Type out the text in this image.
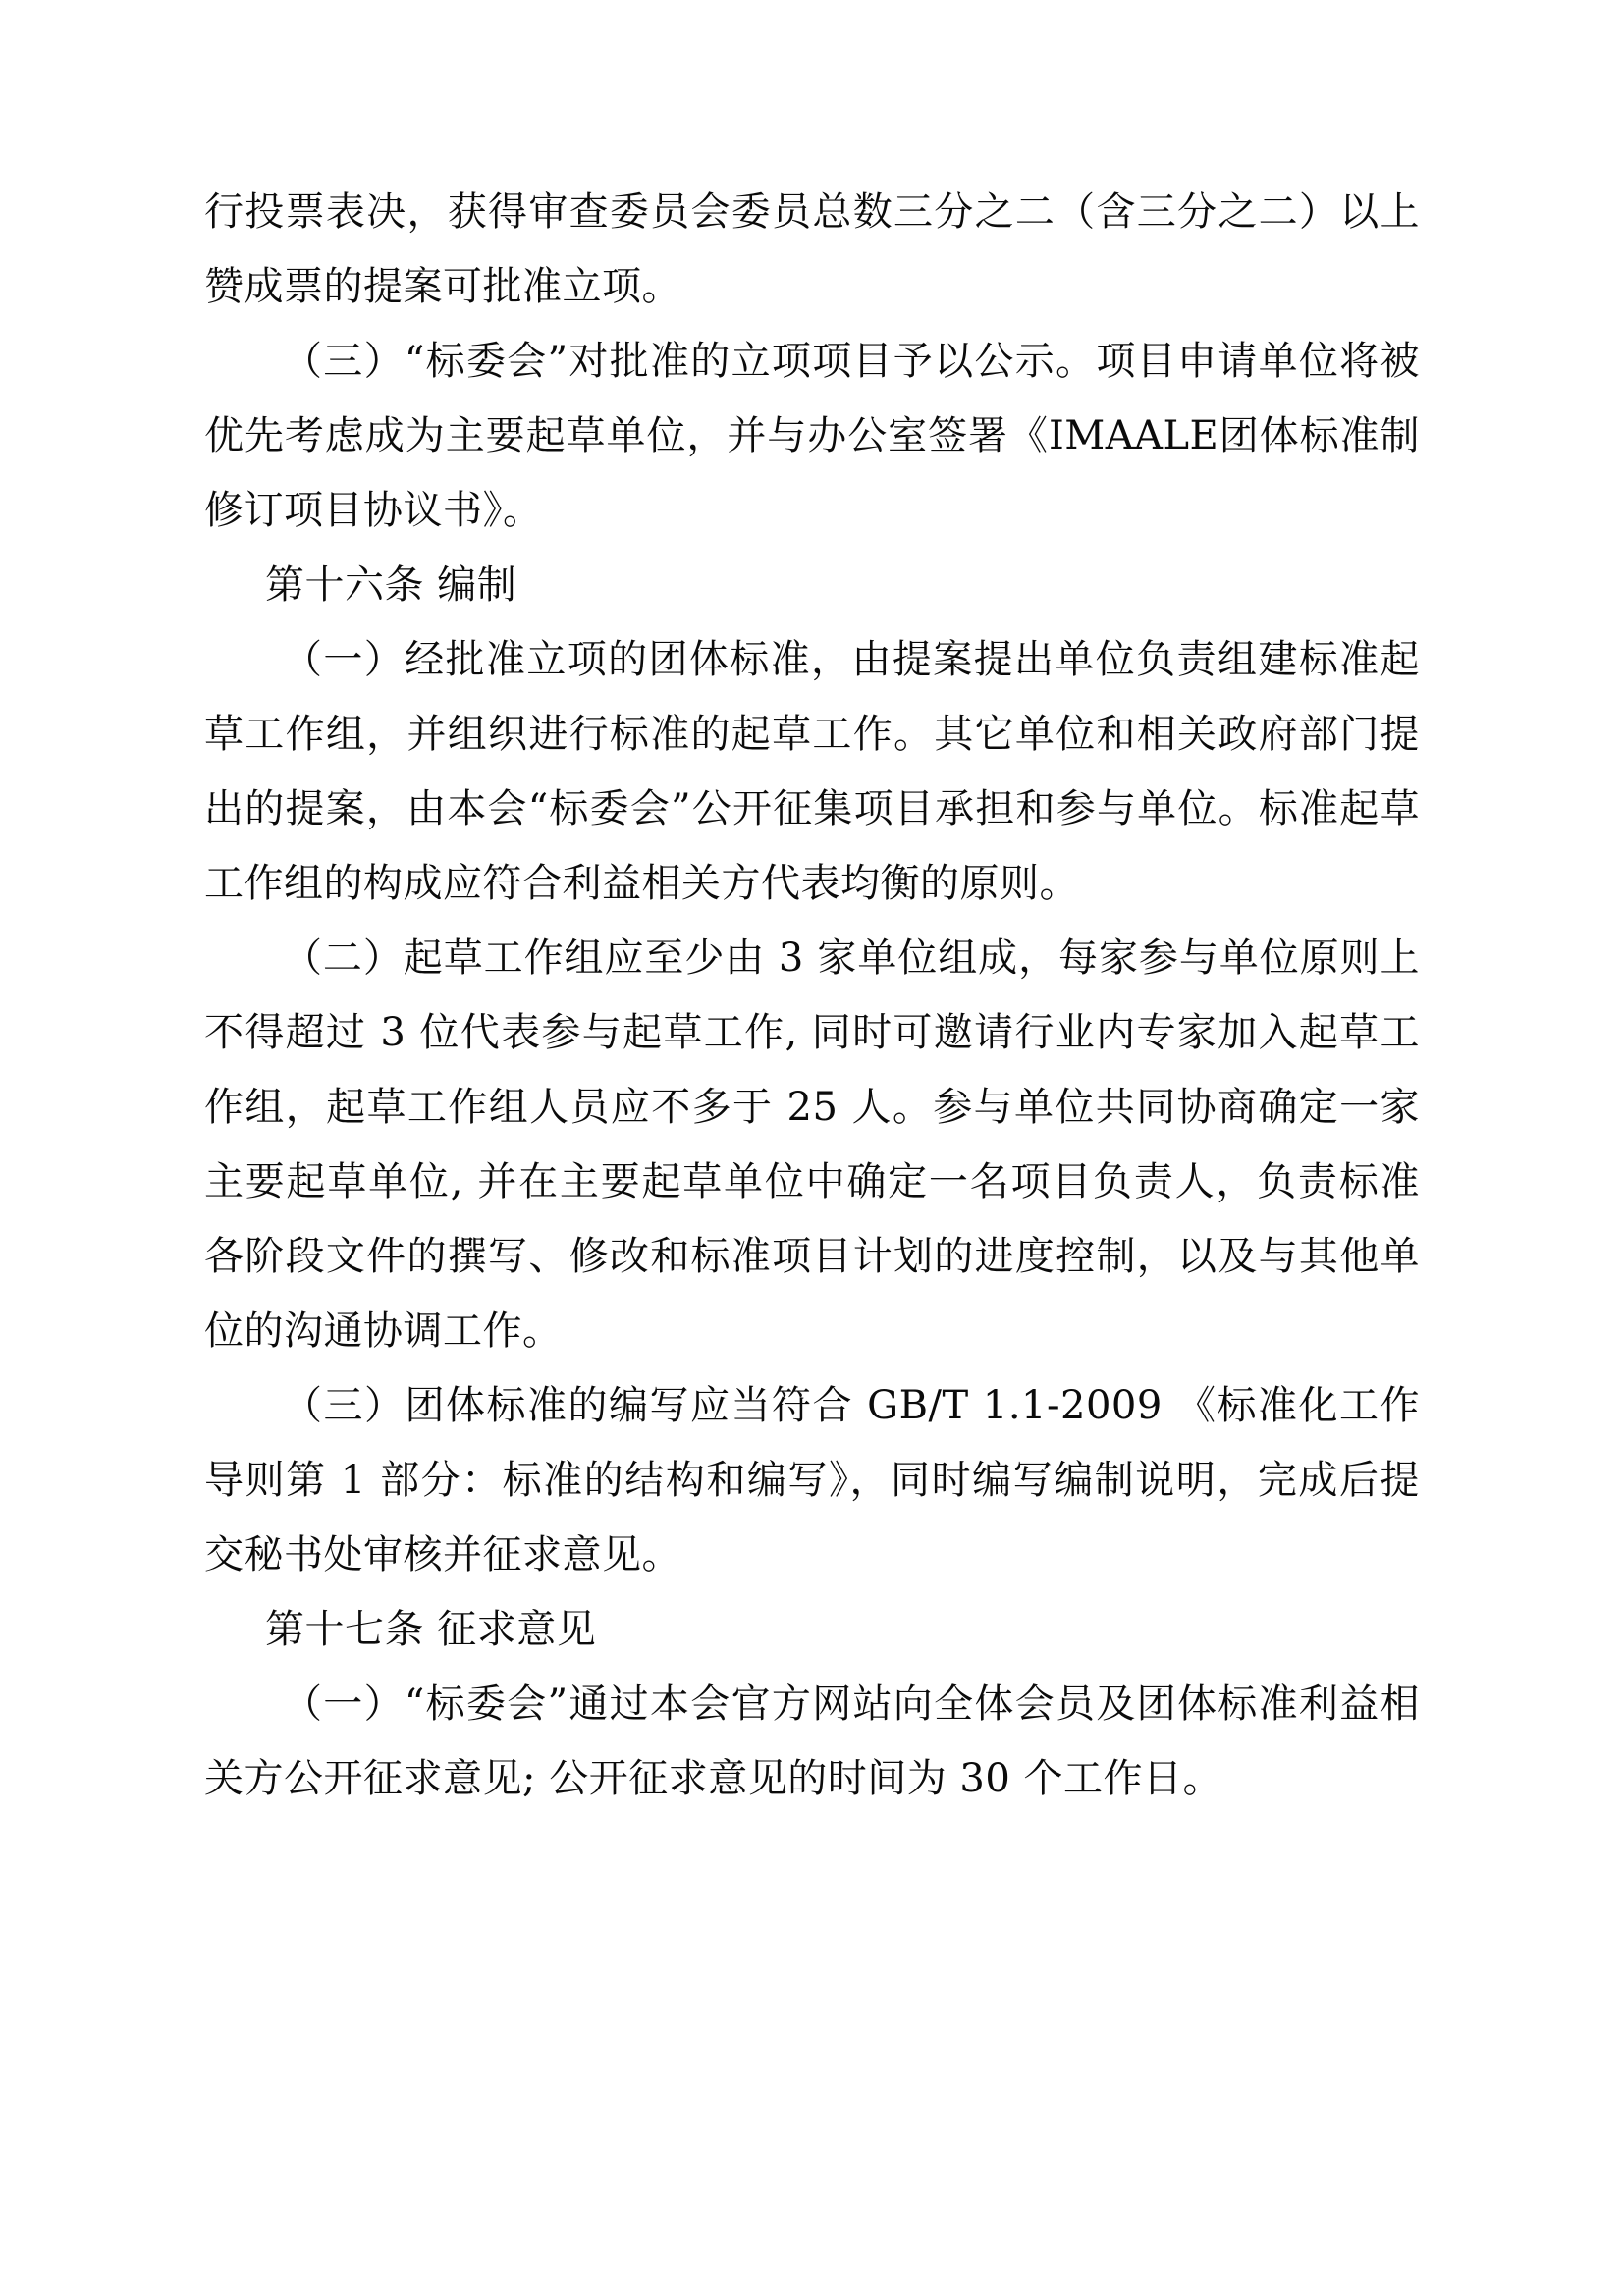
行投票表决，获得审查委员会委员总数三分之二（含三分之二）以上赞成票的提案可批准立项。

（三）“标委会”对批准的立项项目予以公示。项目申请单位将被优先考虑成为主要起草单位，并与办公室签署《IMAALE团体标准制修订项目协议书》。

第十六条 编制

（一）经批准立项的团体标准，由提案提出单位负责组建标准起草工作组，并组织进行标准的起草工作。其它单位和相关政府部门提出的提案，由本会“标委会”公开征集项目承担和参与单位。标准起草工作组的构成应符合利益相关方代表均衡的原则。

（二）起草工作组应至少由 3 家单位组成，每家参与单位原则上不得超过 3 位代表参与起草工作, 同时可邀请行业内专家加入起草工作组，起草工作组人员应不多于 25 人。参与单位共同协商确定一家主要起草单位, 并在主要起草单位中确定一名项目负责人，负责标准各阶段文件的撰写、修改和标准项目计划的进度控制，以及与其他单位的沟通协调工作。

（三）团体标准的编写应当符合 GB/T 1.1-2009 《标准化工作导则第 1 部分：标准的结构和编写》，同时编写编制说明，完成后提交秘书处审核并征求意见。

第十七条 征求意见

（一）“标委会”通过本会官方网站向全体会员及团体标准利益相关方公开征求意见; 公开征求意见的时间为 30 个工作日。
